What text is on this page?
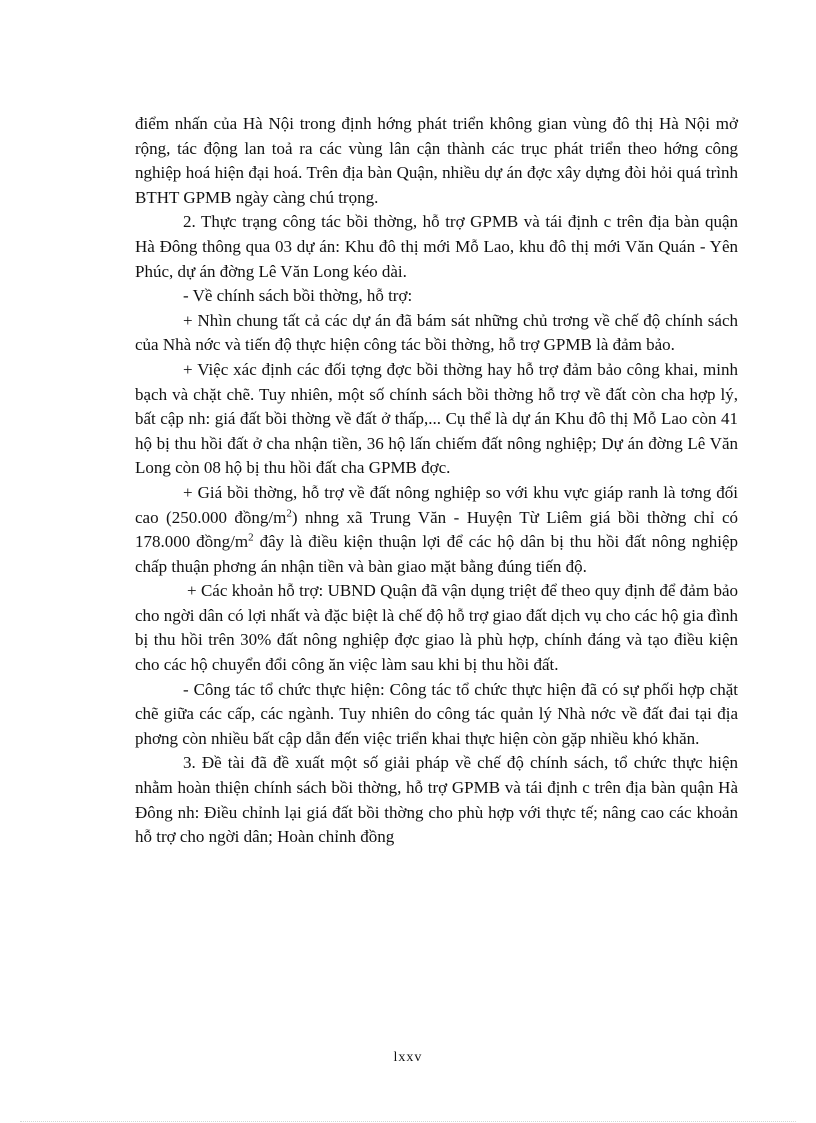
điểm nhấn của Hà Nội trong định hớng phát triển không gian vùng đô thị Hà Nội mở rộng, tác động lan toả ra các vùng lân cận thành các trục phát triển theo hớng công nghiệp hoá hiện đại hoá. Trên địa bàn Quận, nhiều dự án đợc xây dựng đòi hỏi quá trình BTHT GPMB ngày càng chú trọng.

2. Thực trạng công tác bồi thờng, hỗ trợ GPMB và tái định c trên địa bàn quận Hà Đông thông qua 03 dự án: Khu đô thị mới Mỗ Lao, khu đô thị mới Văn Quán - Yên Phúc, dự án đờng Lê Văn Long kéo dài.

- Về chính sách bồi thờng, hỗ trợ:

+ Nhìn chung tất cả các dự án đã bám sát những chủ trơng về chế độ chính sách của Nhà nớc và tiến độ thực hiện công tác bồi thờng, hỗ trợ GPMB là đảm bảo.

+ Việc xác định các đối tợng đợc bồi thờng hay hỗ trợ đảm bảo công khai, minh bạch và chặt chẽ. Tuy nhiên, một số chính sách bồi thờng hỗ trợ về đất còn cha hợp lý, bất cập nh: giá đất bồi thờng về đất ở thấp,... Cụ thể là dự án Khu đô thị Mỗ Lao còn 41 hộ bị thu hồi đất ở cha nhận tiền, 36 hộ lấn chiếm đất nông nghiệp; Dự án đờng Lê Văn Long còn 08 hộ bị thu hồi đất cha GPMB đợc.

+ Giá bồi thờng, hỗ trợ về đất nông nghiệp so với khu vực giáp ranh là tơng đối cao (250.000 đồng/$m^2$) nhng xã Trung Văn - Huyện Từ Liêm giá bồi thờng chỉ có 178.000 đồng/$m^2$ đây là điều kiện thuận lợi để các hộ dân bị thu hồi đất nông nghiệp chấp thuận phơng án nhận tiền và bàn giao mặt bằng đúng tiến độ.

+ Các khoản hỗ trợ: UBND Quận đã vận dụng triệt để theo quy định để đảm bảo cho ngời dân có lợi nhất và đặc biệt là chế độ hỗ trợ giao đất dịch vụ cho các hộ gia đình bị thu hồi trên 30% đất nông nghiệp đợc giao là phù hợp, chính đáng và tạo điều kiện cho các hộ chuyển đổi công ăn việc làm sau khi bị thu hồi đất.

- Công tác tổ chức thực hiện: Công tác tổ chức thực hiện đã có sự phối hợp chặt chẽ giữa các cấp, các ngành. Tuy nhiên do công tác quản lý Nhà nớc về đất đai tại địa phơng còn nhiều bất cập dẫn đến việc triển khai thực hiện còn gặp nhiều khó khăn.

3. Đề tài đã đề xuất một số giải pháp về chế độ chính sách, tổ chức thực hiện nhằm hoàn thiện chính sách bồi thờng, hỗ trợ GPMB và tái định c trên địa bàn quận Hà Đông nh: Điều chỉnh lại giá đất bồi thờng cho phù hợp với thực tế; nâng cao các khoản hỗ trợ cho ngời dân; Hoàn chỉnh đồng

lxxv
